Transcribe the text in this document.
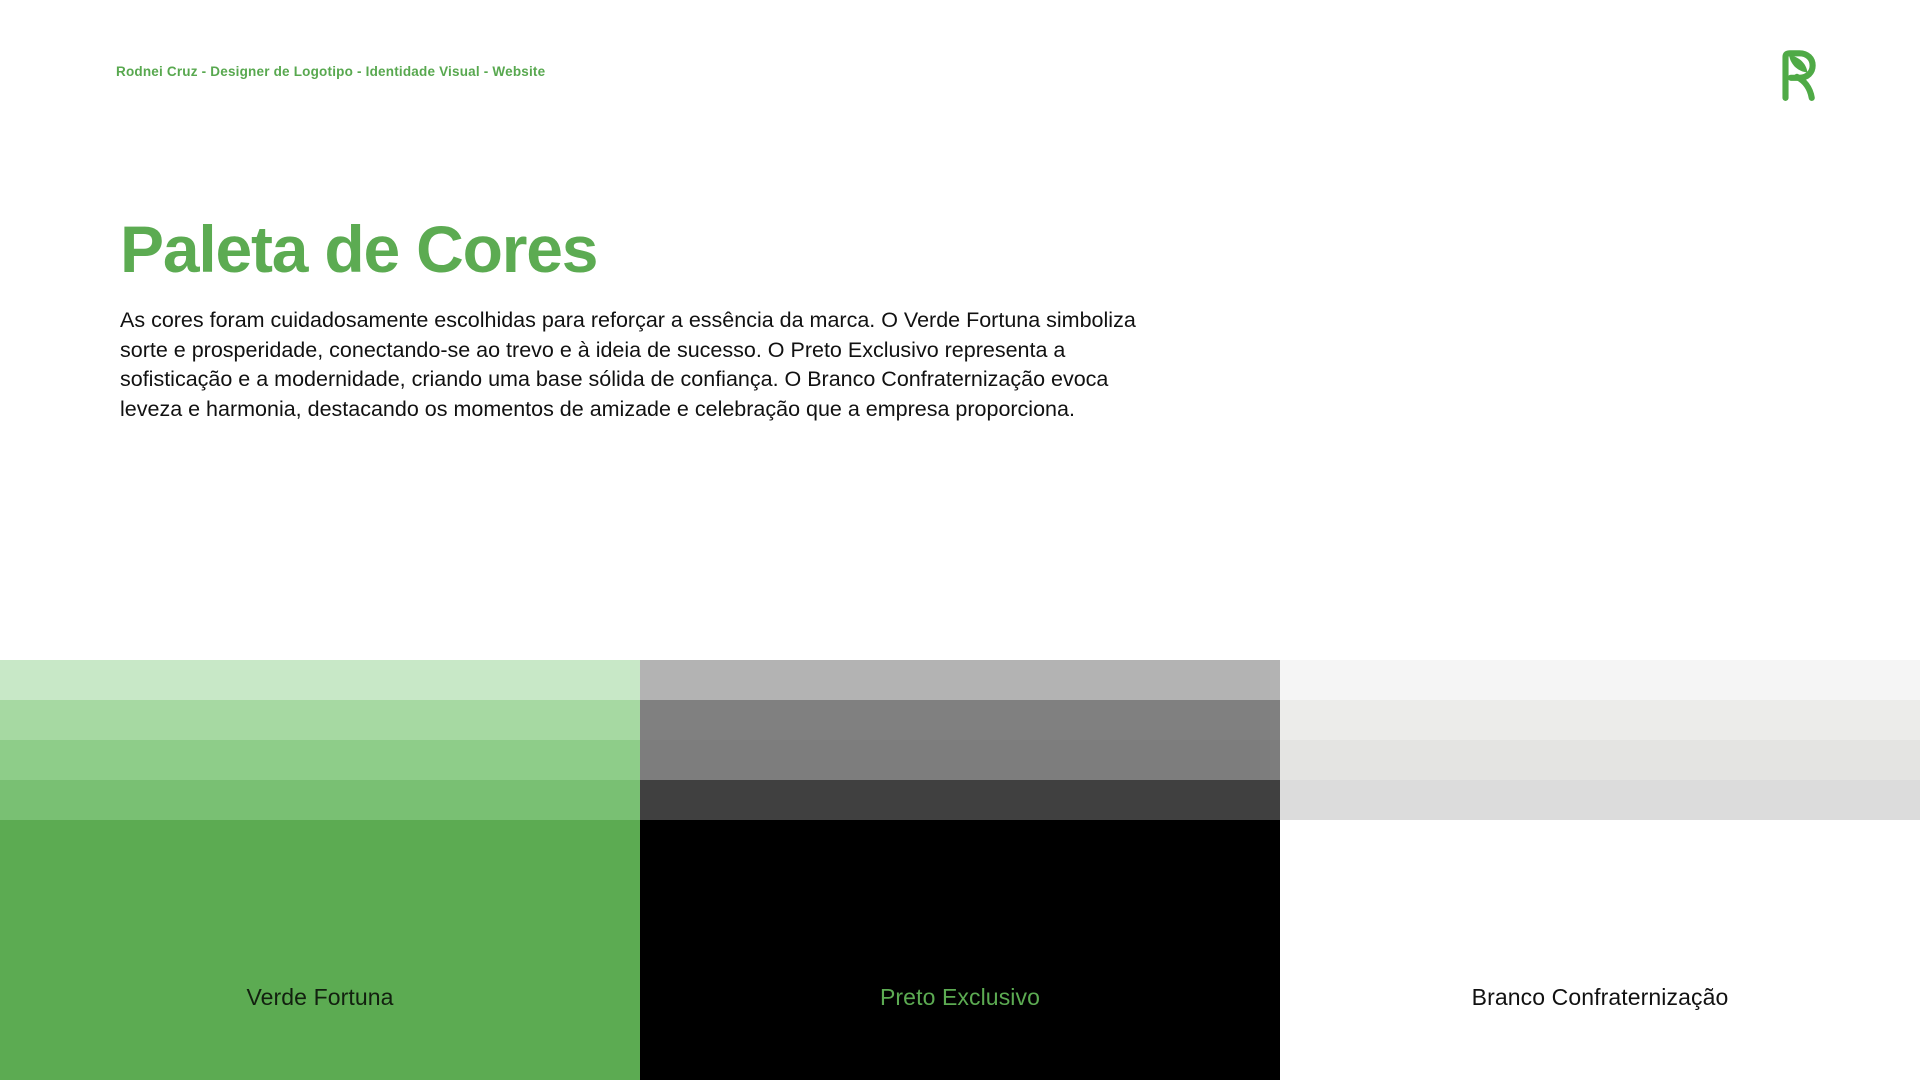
Rodnei Cruz - Designer de Logotipo - Identidade Visual - Website
Paleta de Cores

As cores foram cuidadosamente escolhidas para reforçar a essência da marca. O Verde Fortuna simboliza sorte e prosperidade, conectando-se ao trevo e à ideia de sucesso. O Preto Exclusivo representa a sofisticação e a modernidade, criando uma base sólida de confiança. O Branco Confraternização evoca leveza e harmonia, destacando os momentos de amizade e celebração que a empresa proporciona.

Verde Fortuna	Preto Exclusivo	Branco Confraternização
